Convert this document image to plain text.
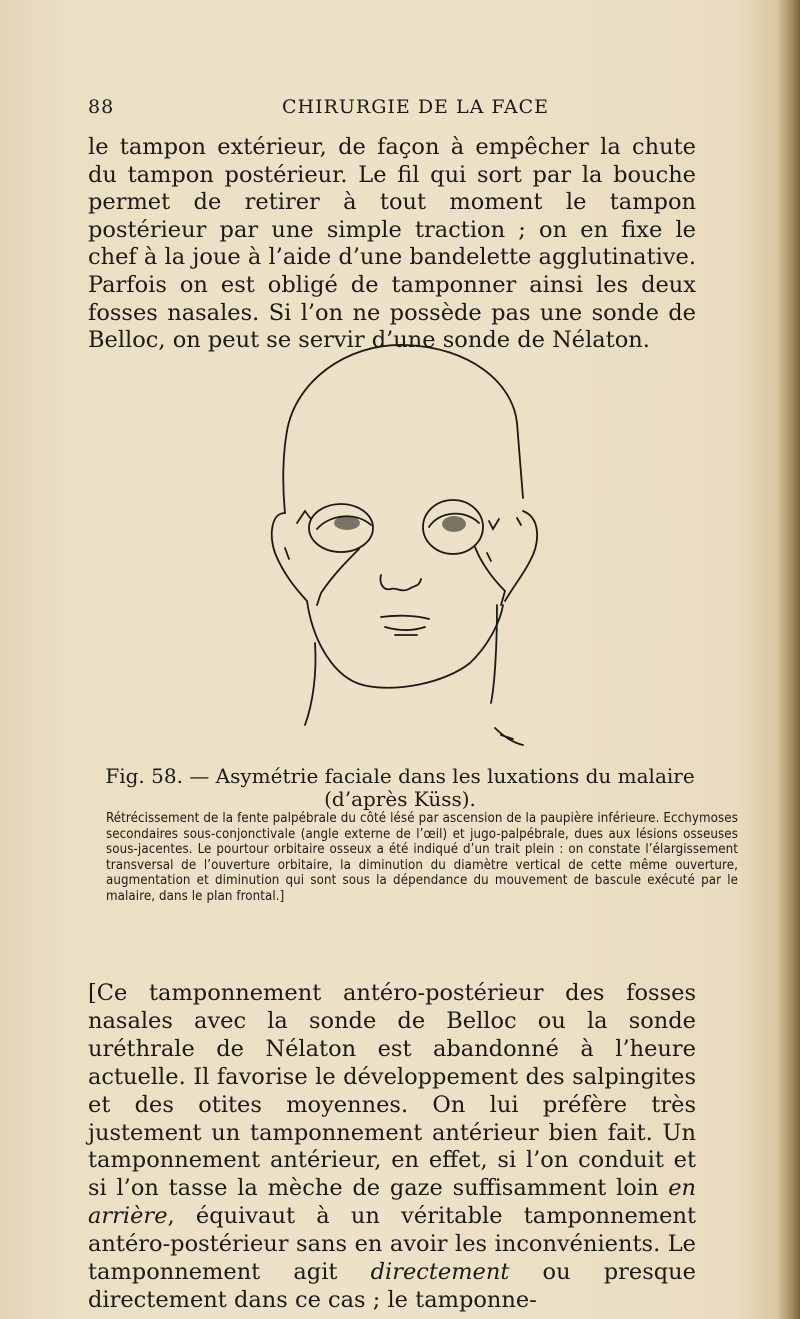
88	CHIRURGIE DE LA FACE
le tampon extérieur, de façon à empêcher la chute du tampon postérieur. Le fil qui sort par la bouche permet de retirer à tout moment le tampon postérieur par une simple traction ; on en fixe le chef à la joue à l’aide d’une bandelette agglutinative. Parfois on est obligé de tamponner ainsi les deux fosses nasales. Si l’on ne possède pas une sonde de Belloc, on peut se servir d’une sonde de Nélaton.
Fig. 58. — Asymétrie faciale dans les luxations du malaire
(d’après Küss).
Rétrécissement de la fente palpébrale du côté lésé par ascension de la paupière inférieure. Ecchymoses secondaires sous-conjonctivale (angle externe de l’œil) et jugo-palpébrale, dues aux lésions osseuses sous-jacentes. Le pourtour orbitaire osseux a été indiqué d’un trait plein : on constate l’élargissement transversal de l’ouverture orbitaire, la diminution du diamètre vertical de cette même ouverture, augmentation et diminution qui sont sous la dépendance du mouvement de bascule exécuté par le malaire, dans le plan frontal.]
[Ce tamponnement antéro-postérieur des fosses nasales avec la sonde de Belloc ou la sonde uréthrale de Nélaton est abandonné à l’heure actuelle. Il favorise le développement des salpingites et des otites moyennes. On lui préfère très justement un tamponnement antérieur bien fait. Un tamponnement antérieur, en effet, si l’on conduit et si l’on tasse la mèche de gaze suffisamment loin en arrière, équivaut à un véritable tamponnement antéro-postérieur sans en avoir les inconvénients. Le tamponnement agit directement ou presque directement dans ce cas ; le tamponne-
